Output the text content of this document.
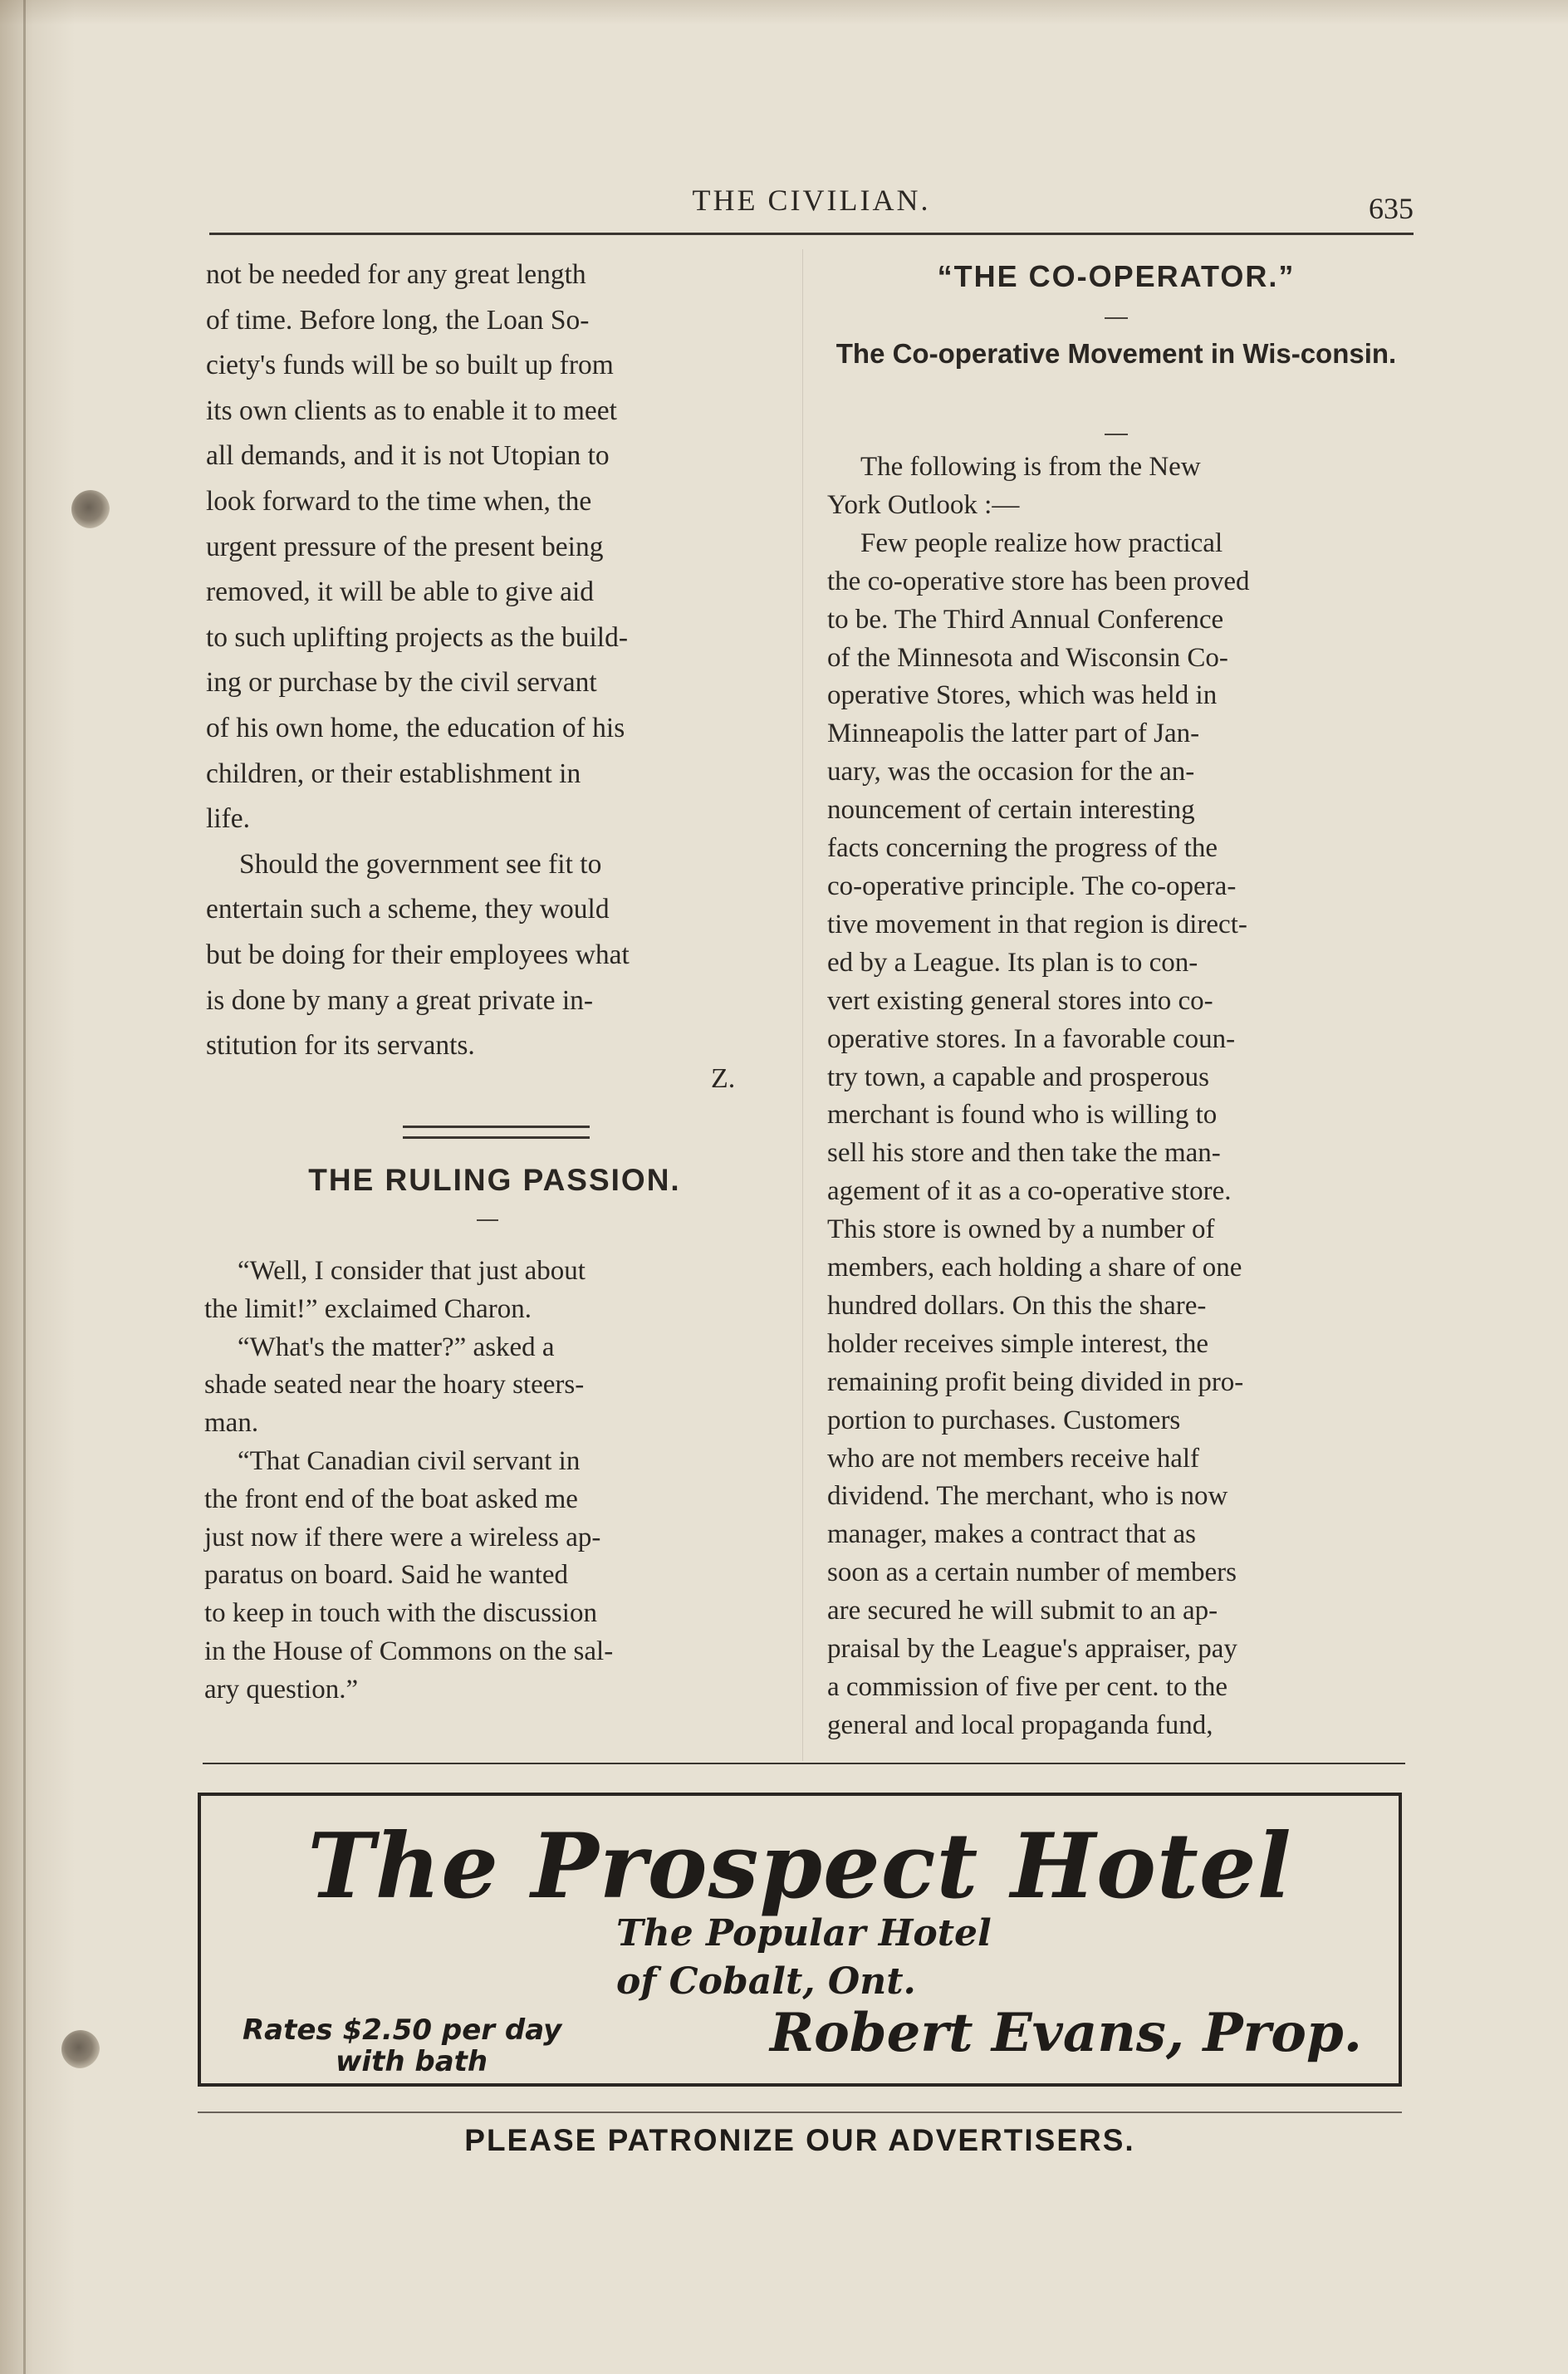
THE CIVILIAN.	635

not be needed for any great length
of time. Before long, the Loan So-
ciety's funds will be so built up from
its own clients as to enable it to meet
all demands, and it is not Utopian to
look forward to the time when, the
urgent pressure of the present being
removed, it will be able to give aid
to such uplifting projects as the build-
ing or purchase by the civil servant
of his own home, the education of his
children, or their establishment in
life.

Should the government see fit to
entertain such a scheme, they would
but be doing for their employees what
is done by many a great private in-
stitution for its servants.

Z.
THE RULING PASSION.

“Well, I consider that just about
the limit!” exclaimed Charon.

“What's the matter?” asked a
shade seated near the hoary steers-
man.

“That Canadian civil servant in
the front end of the boat asked me
just now if there were a wireless ap-
paratus on board. Said he wanted
to keep in touch with the discussion
in the House of Commons on the sal-
ary question.”

“THE CO-OPERATOR.”
The Co-operative Movement in Wis-consin.

The following is from the New
York Outlook :—

Few people realize how practical
the co-operative store has been proved
to be. The Third Annual Conference
of the Minnesota and Wisconsin Co-
operative Stores, which was held in
Minneapolis the latter part of Jan-
uary, was the occasion for the an-
nouncement of certain interesting
facts concerning the progress of the
co-operative principle. The co-opera-
tive movement in that region is direct-
ed by a League. Its plan is to con-
vert existing general stores into co-
operative stores. In a favorable coun-
try town, a capable and prosperous
merchant is found who is willing to
sell his store and then take the man-
agement of it as a co-operative store.
This store is owned by a number of
members, each holding a share of one
hundred dollars. On this the share-
holder receives simple interest, the
remaining profit being divided in pro-
portion to purchases. Customers
who are not members receive half
dividend. The merchant, who is now
manager, makes a contract that as
soon as a certain number of members
are secured he will submit to an ap-
praisal by the League's appraiser, pay
a commission of five per cent. to the
general and local propaganda fund,

The Prospect Hotel
The Popular Hotel
of Cobalt, Ont.
Rates $2.50 per day
with bath	Robert Evans, Prop.
PLEASE PATRONIZE OUR ADVERTISERS.
